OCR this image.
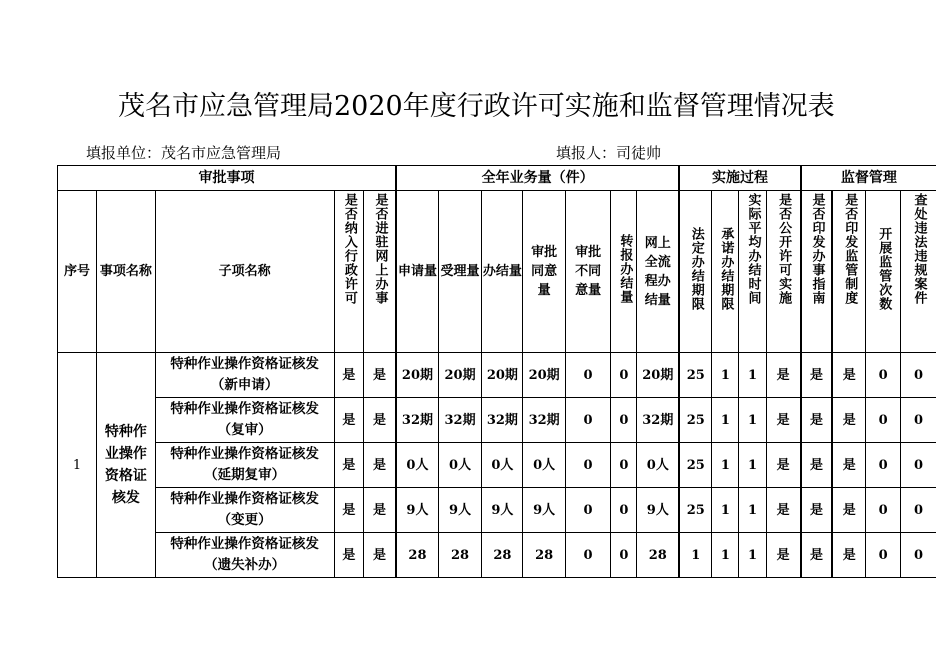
茂名市应急管理局2020年度行政许可实施和监督管理情况表
填报单位：茂名市应急管理局	填报人：司徒帅
审批事项					全年业务量（件）							实施过程				监督管理			
序号	事项名称	子项名称	是否纳入行政许可	是否进驻网上办事	申请量	受理量	办结量	审批同意量	审批不同意量	转报办结量	网上全流程办结量	法定办结期限	承诺办结期限	实际平均办结时间	是否公开许可实施	是否印发办事指南	是否印发监管制度	开展监管次数	查处违法违规案件
1	特种作业操作资格证核发	特种作业操作资格证核发（新申请）	是	是	20期	20期	20期	20期	0	0	20期	25	1	1	是	是	是	0	0
		特种作业操作资格证核发（复审）	是	是	32期	32期	32期	32期	0	0	32期	25	1	1	是	是	是	0	0
		特种作业操作资格证核发（延期复审）	是	是	0人	0人	0人	0人	0	0	0人	25	1	1	是	是	是	0	0
		特种作业操作资格证核发（变更）	是	是	9人	9人	9人	9人	0	0	9人	25	1	1	是	是	是	0	0
		特种作业操作资格证核发（遗失补办）	是	是	28	28	28	28	0	0	28	1	1	1	是	是	是	0	0
